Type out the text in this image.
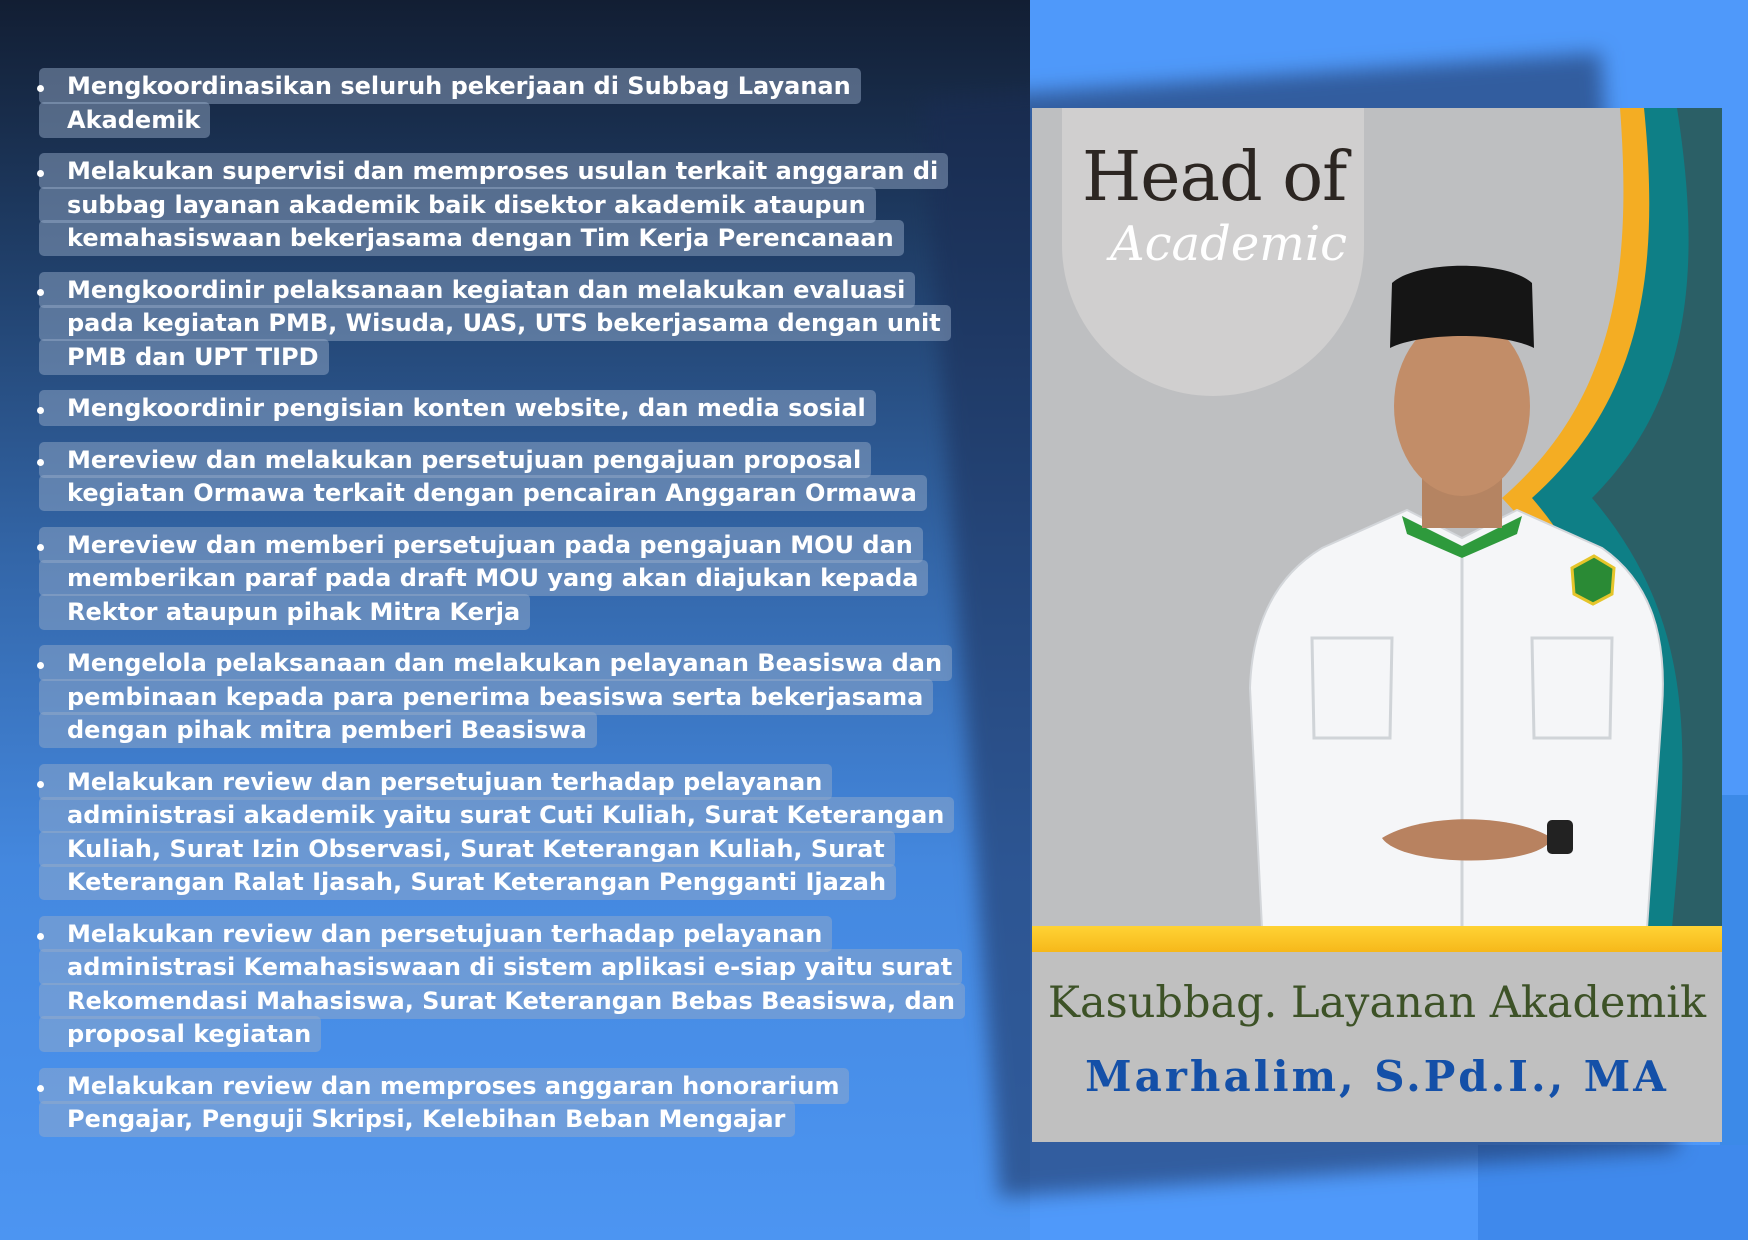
Mengkoordinasikan seluruh pekerjaan di Subbag Layanan Akademik
Melakukan supervisi dan memproses usulan terkait anggaran di subbag layanan akademik baik disektor akademik ataupun kemahasiswaan bekerjasama dengan Tim Kerja Perencanaan
Mengkoordinir pelaksanaan kegiatan dan melakukan evaluasi pada kegiatan PMB, Wisuda, UAS, UTS bekerjasama dengan unit PMB dan UPT TIPD
Mengkoordinir pengisian konten website, dan media sosial
Mereview dan melakukan persetujuan pengajuan proposal kegiatan Ormawa terkait dengan pencairan Anggaran Ormawa
Mereview dan memberi persetujuan pada pengajuan MOU dan memberikan paraf pada draft MOU yang akan diajukan kepada Rektor ataupun pihak Mitra Kerja
Mengelola pelaksanaan dan melakukan pelayanan Beasiswa dan pembinaan kepada para penerima beasiswa serta bekerjasama dengan pihak mitra pemberi Beasiswa
Melakukan review dan persetujuan terhadap pelayanan administrasi akademik yaitu surat Cuti Kuliah, Surat Keterangan Kuliah, Surat Izin Observasi, Surat Keterangan Kuliah, Surat Keterangan Ralat Ijasah, Surat Keterangan Pengganti Ijazah
Melakukan review dan persetujuan terhadap pelayanan administrasi Kemahasiswaan di sistem aplikasi e-siap yaitu surat Rekomendasi Mahasiswa, Surat Keterangan Bebas Beasiswa, dan proposal kegiatan
Melakukan review dan memproses anggaran honorarium Pengajar, Penguji Skripsi, Kelebihan Beban Mengajar
Head of
Academic
Kasubbag. Layanan Akademik
Marhalim, S.Pd.I., MA
